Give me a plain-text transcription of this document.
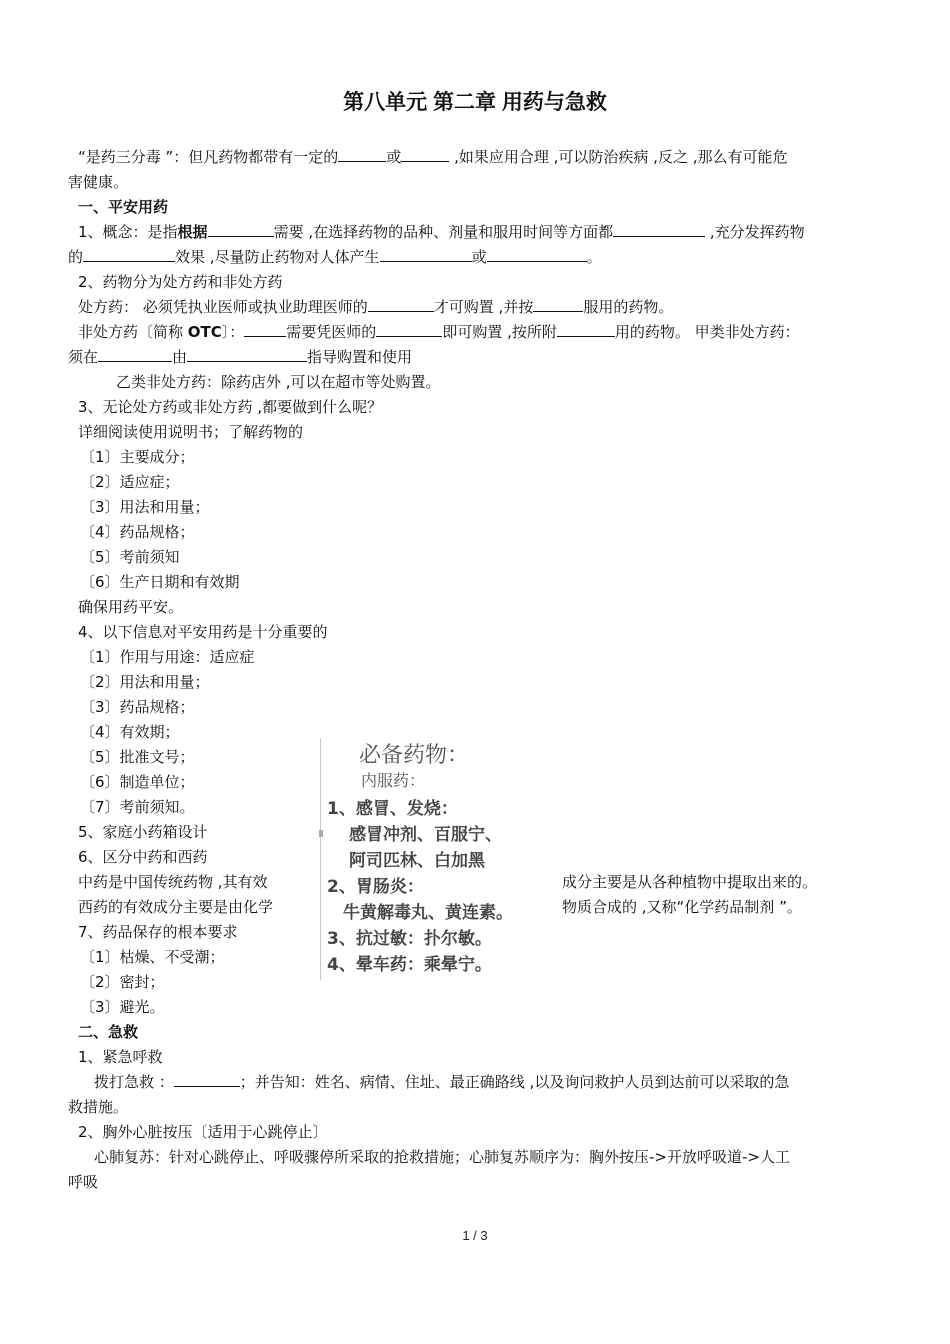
第八单元 第二章 用药与急救
“是药三分毒 ”：但凡药物都带有一定的	或	,如果应用合理 ,可以防治疾病 ,反之 ,那么有可能危
害健康。
一、平安用药
1、概念：是指根据	需要 ,在选择药物的品种、剂量和服用时间等方面都	,充分发挥药物
的	效果 ,尽量防止药物对人体产生	或	。
2、药物分为处方药和非处方药
处方药： 必须凭执业医师或执业助理医师的	才可购置 ,并按	服用的药物。
非处方药〔简称 OTC〕：	需要凭医师的	即可购置 ,按所附	用的药物。 甲类非处方药：
须在	由	指导购置和使用
乙类非处方药：除药店外 ,可以在超市等处购置。
3、无论处方药或非处方药 ,都要做到什么呢？
详细阅读使用说明书；了解药物的
〔1〕主要成分；
〔2〕适应症；
〔3〕用法和用量；
〔4〕药品规格；
〔5〕考前须知
〔6〕生产日期和有效期
确保用药平安。
4、以下信息对平安用药是十分重要的
〔1〕作用与用途：适应症
〔2〕用法和用量；
〔3〕药品规格；
〔4〕有效期；
〔5〕批准文号；
〔6〕制造单位；
〔7〕考前须知。
5、家庭小药箱设计
6、区分中药和西药
中药是中国传统药物 ,其有效	成分主要是从各种植物中提取出来的。
西药的有效成分主要是由化学	物质合成的 ,又称“化学药品制剂 ”。
7、药品保存的根本要求
〔1〕枯燥、不受潮；
〔2〕密封；
〔3〕避光。
必备药物：
内服药：
1、感冒、发烧：
感冒冲剂、百服宁、
阿司匹林、白加黑
2、胃肠炎：
牛黄解毒丸、黄连素。
3、抗过敏：扑尔敏。
4、晕车药：乘晕宁。
二、急救
1、紧急呼救
拨打急救 ：	；并告知：姓名、病情、住址、最正确路线 ,以及询问救护人员到达前可以采取的急
救措施。
2、胸外心脏按压〔适用于心跳停止〕
心肺复苏：针对心跳停止、呼吸骤停所采取的抢救措施；心肺复苏顺序为：胸外按压->开放呼吸道->人工
呼吸
1 / 3
